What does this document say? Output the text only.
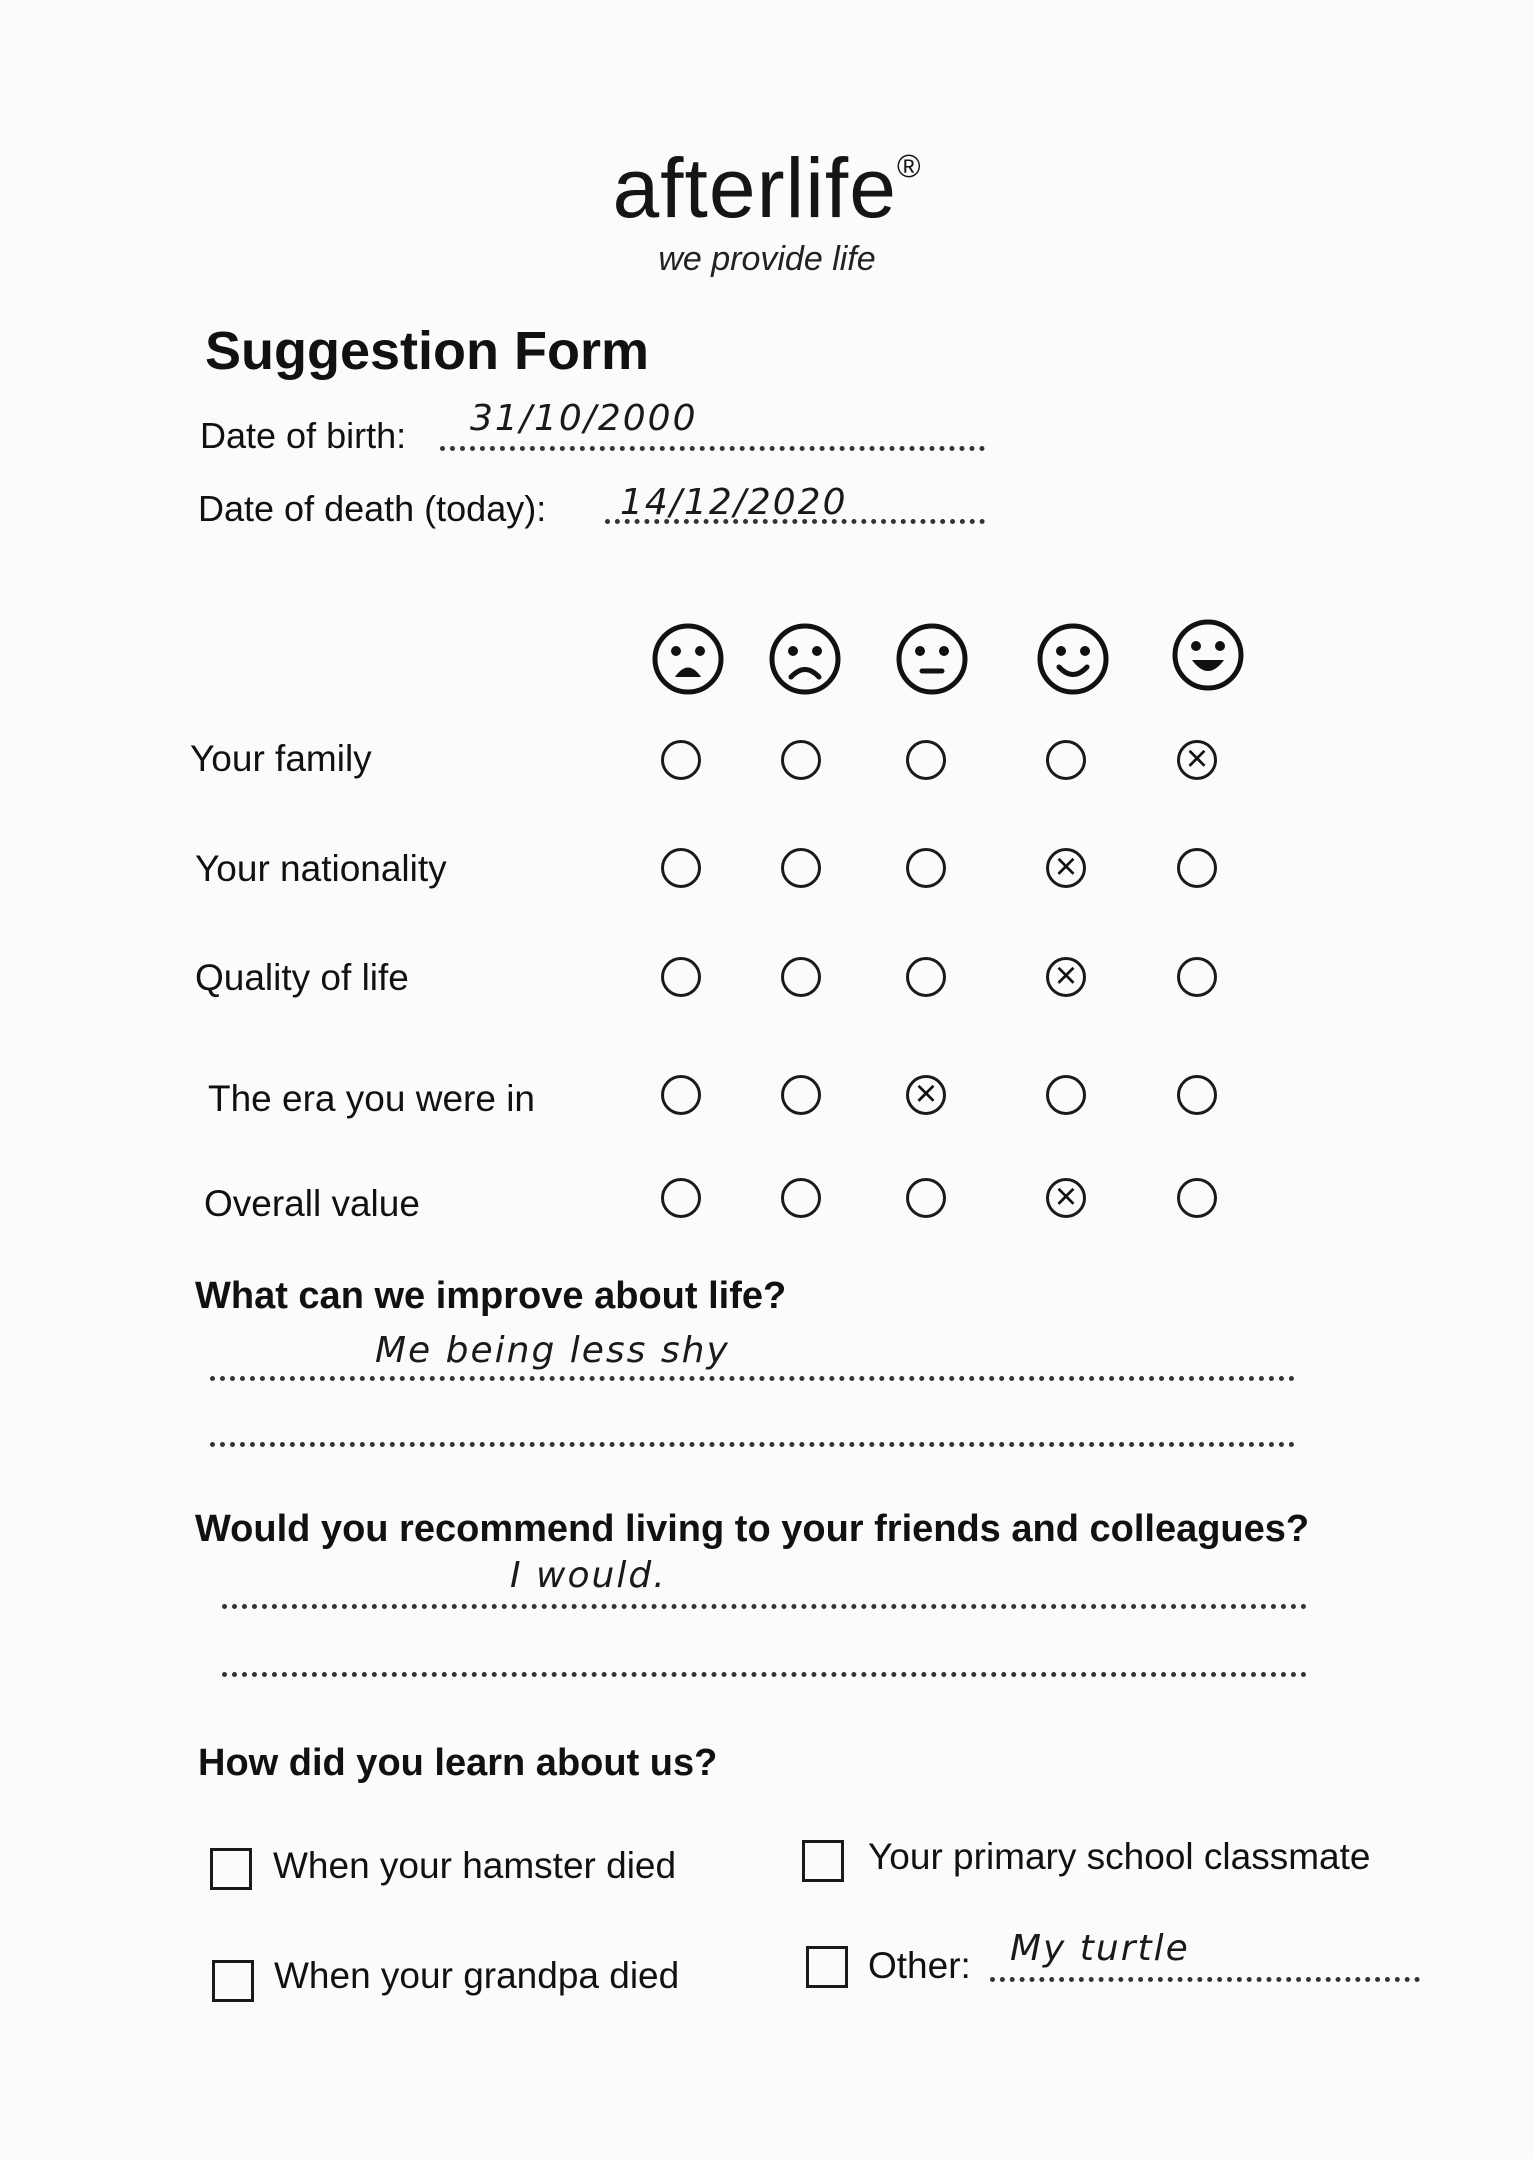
afterlife®
we provide life
Suggestion Form
Date of birth: 31/10/2000
Date of death (today): 14/12/2020
Your family
Your nationality
Quality of life
The era you were in
Overall value
×
×
×
×
×
What can we improve about life?
Me being less shy
Would you recommend living to your friends and colleagues?
I would.
How did you learn about us?
When your hamster died	Your primary school classmate
When your grandpa died	Other: My turtle
